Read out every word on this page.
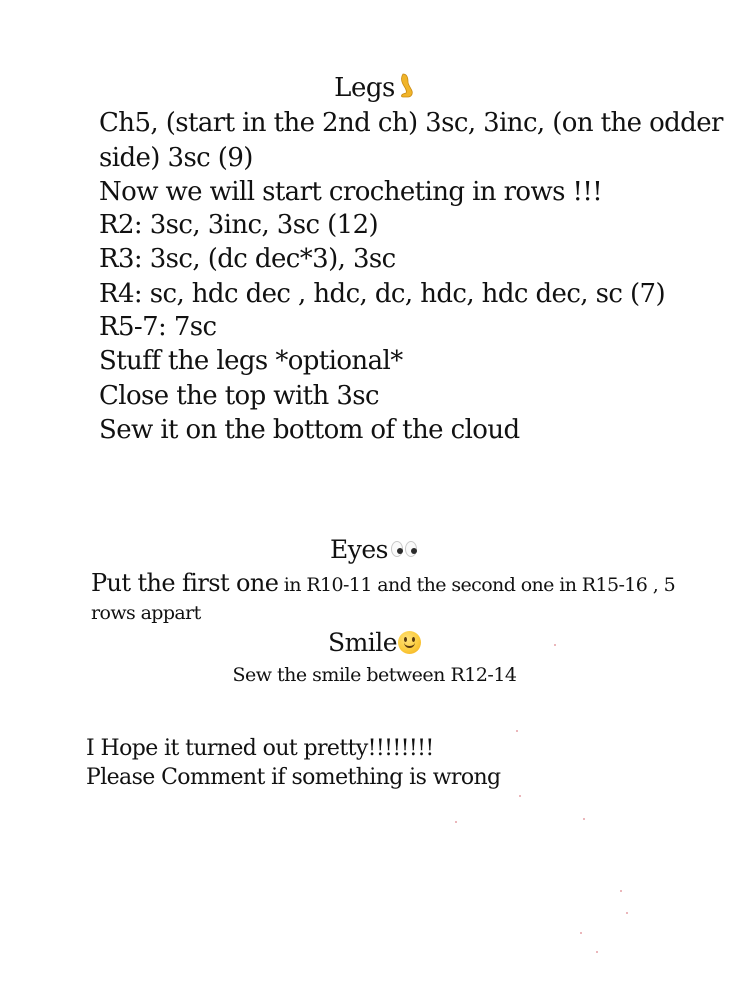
Legs
Ch5, (start in the 2nd ch) 3sc, 3inc, (on the odder
side) 3sc (9)
Now we will start crocheting in rows !!!
R2: 3sc, 3inc, 3sc (12)
R3: 3sc, (dc dec*3), 3sc
R4: sc, hdc dec , hdc, dc, hdc, hdc dec, sc (7)
R5-7: 7sc
Stuff the legs *optional*
Close the top with 3sc
Sew it on the bottom of the cloud
Eyes
Put the first one in R10-11 and the second one in R15-16 , 5
rows appart
Smile
Sew the smile between R12-14
I Hope it turned out pretty!!!!!!!!
Please Comment if something is wrong
